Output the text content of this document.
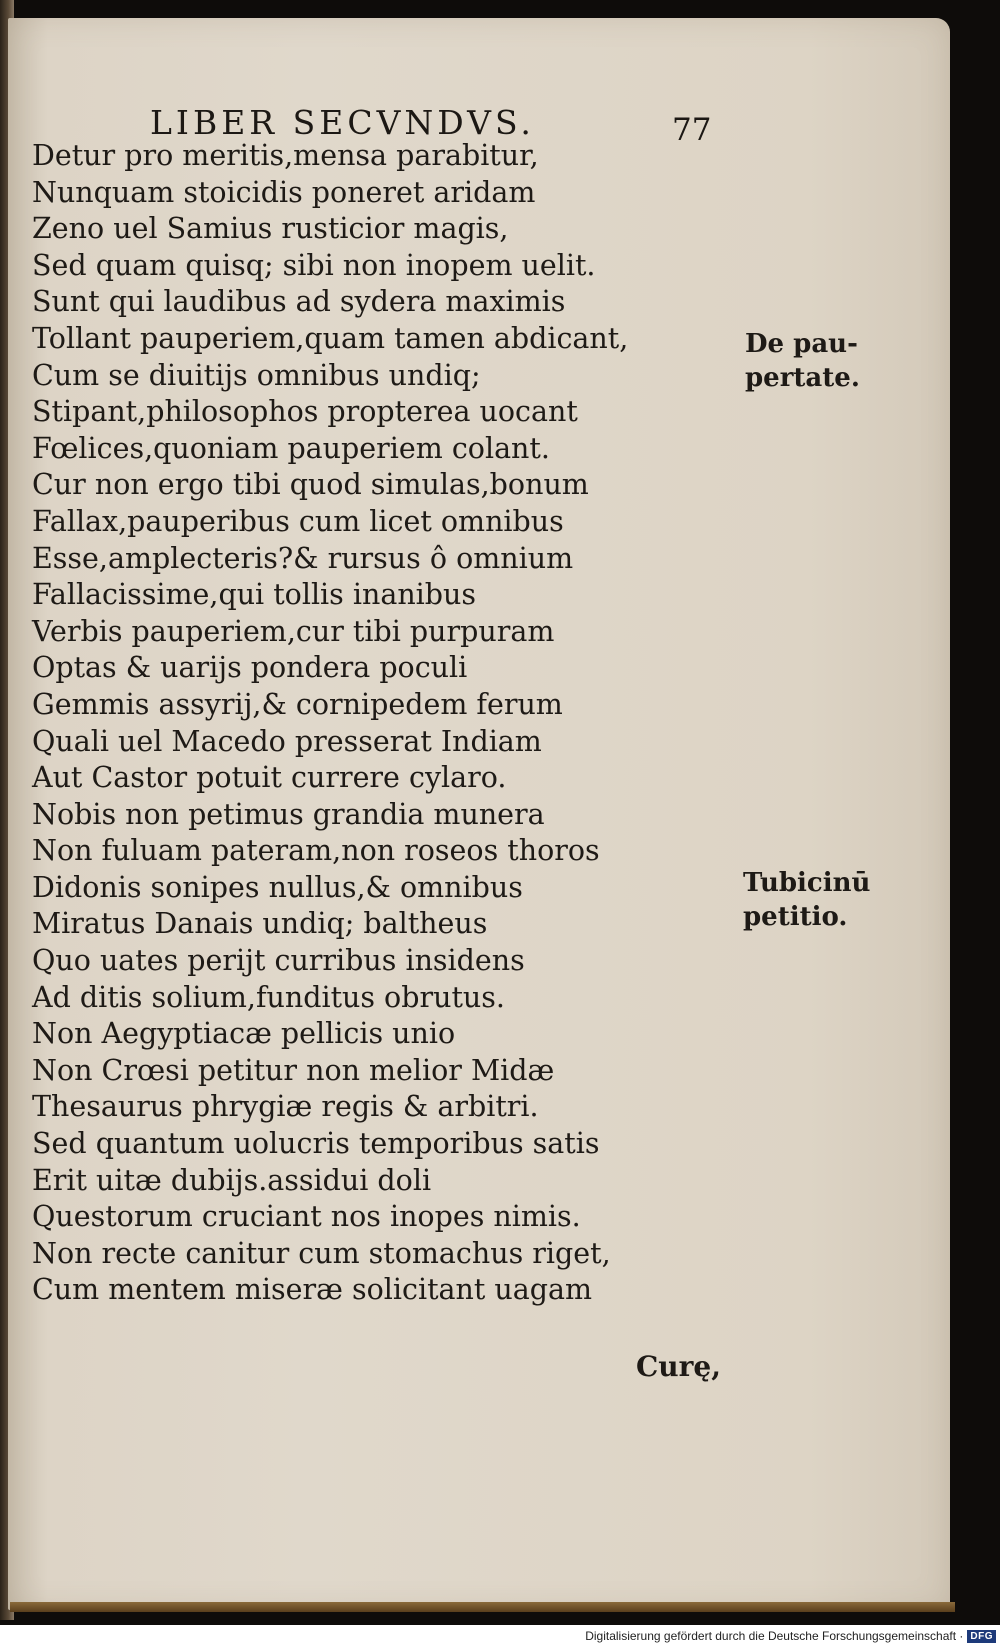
LIBER SECVNDVS.	77
Detur pro meritis,mensa parabitur,
Nunquam stoicidis poneret aridam
Zeno uel Samius rusticior magis,
Sed quam quisq; sibi non inopem uelit.
Sunt qui laudibus ad sydera maximis
Tollant pauperiem,quam tamen abdicant,
Cum se diuitijs omnibus undiq;
Stipant,philosophos propterea uocant
Fœlices,quoniam pauperiem colant.
Cur non ergo tibi quod simulas,bonum
Fallax,pauperibus cum licet omnibus
Esse,amplecteris?& rursus ô omnium
Fallacissime,qui tollis inanibus
Verbis pauperiem,cur tibi purpuram
Optas & uarijs pondera poculi
Gemmis assyrij,& cornipedem ferum
Quali uel Macedo presserat Indiam
Aut Castor potuit currere cylaro.
Nobis non petimus grandia munera
Non fuluam pateram,non roseos thoros
Didonis sonipes nullus,& omnibus
Miratus Danais undiq; baltheus
Quo uates perijt curribus insidens
Ad ditis solium,funditus obrutus.
Non Aegyptiacæ pellicis unio
Non Crœsi petitur non melior Midæ
Thesaurus phrygiæ regis & arbitri.
Sed quantum uolucris temporibus satis
Erit uitæ dubijs.assidui doli
Questorum cruciant nos inopes nimis.
Non recte canitur cum stomachus riget,
Cum mentem miseræ solicitant uagam
De pau-
pertate.
Tubicinū
petitio.
Curę,
Digitalisierung gefördert durch die Deutsche Forschungsgemeinschaft · DFG
